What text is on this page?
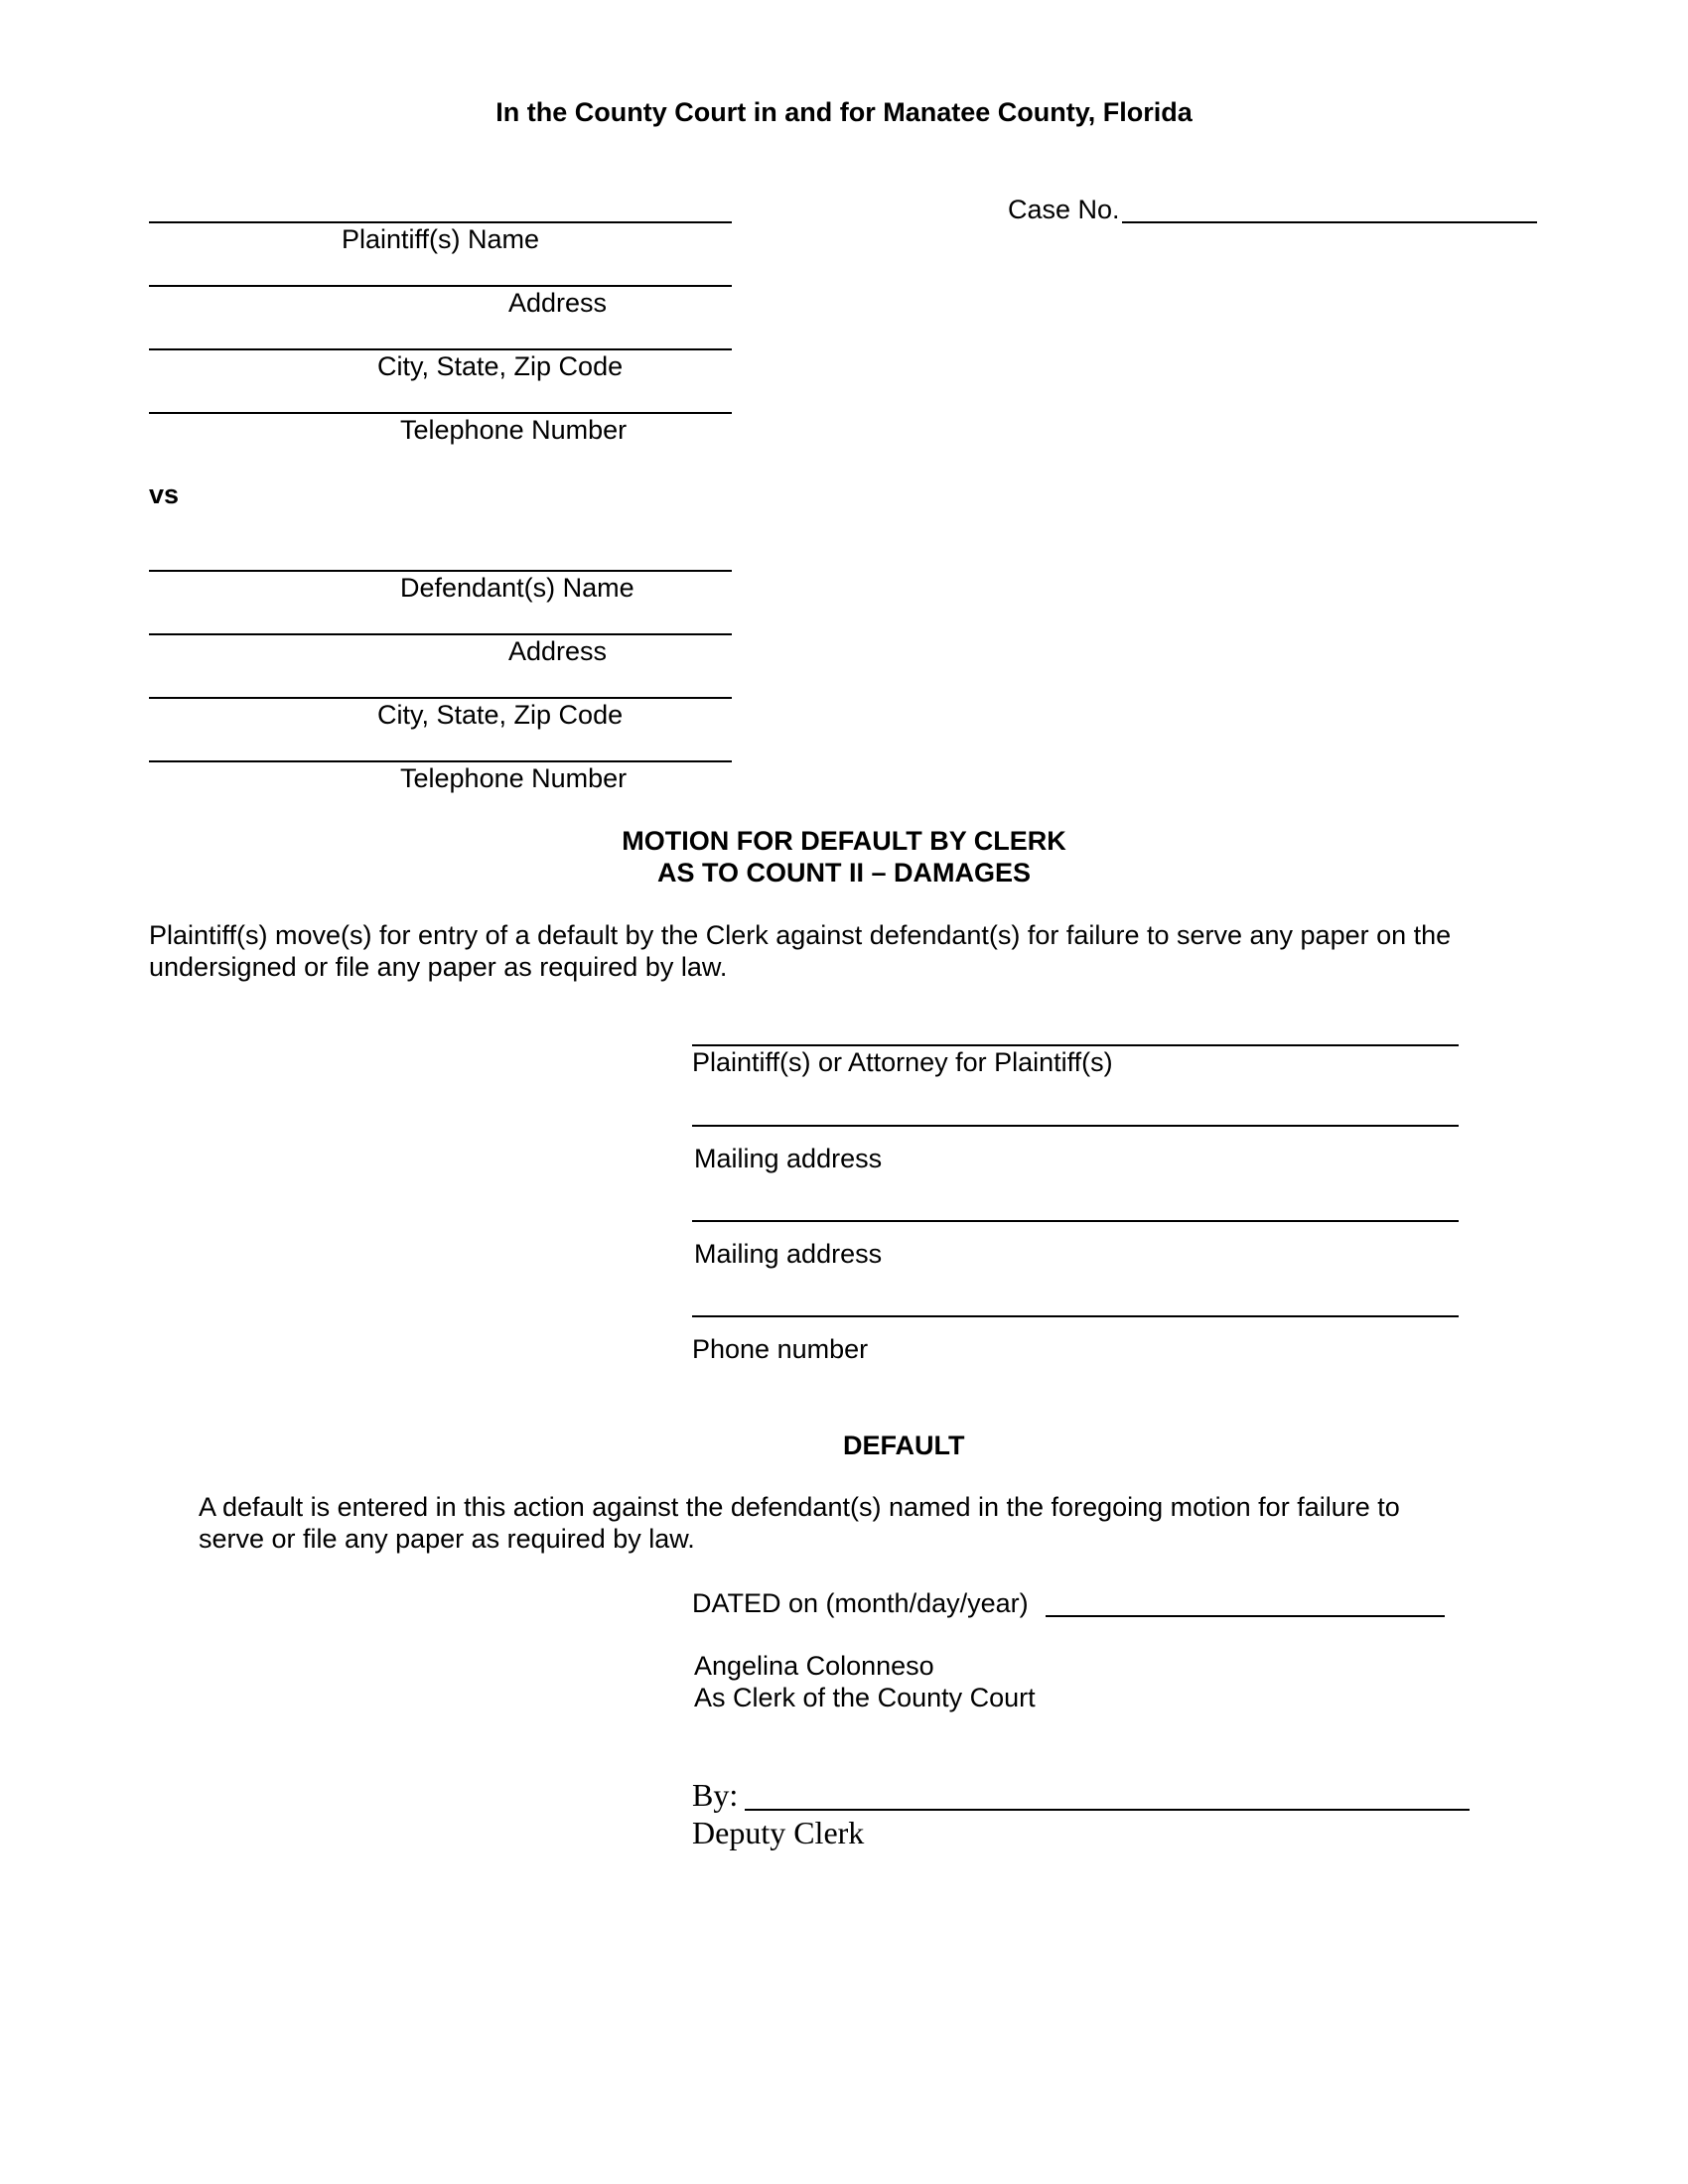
In the County Court in and for Manatee County, Florida
Plaintiff(s) Name
Address
City, State, Zip Code
Telephone Number
Case No.
vs
Defendant(s) Name
Address
City, State, Zip Code
Telephone Number
MOTION FOR DEFAULT BY CLERK
AS TO COUNT II – DAMAGES
Plaintiff(s) move(s) for entry of a default by the Clerk against defendant(s) for failure to serve any paper on the
undersigned or file any paper as required by law.
Plaintiff(s) or Attorney for Plaintiff(s)
Mailing address
Mailing address
Phone number
DEFAULT
A default is entered in this action against the defendant(s) named in the foregoing motion for failure to
serve or file any paper as required by law.
DATED on (month/day/year)
Angelina Colonneso
As Clerk of the County Court
By:
Deputy Clerk
